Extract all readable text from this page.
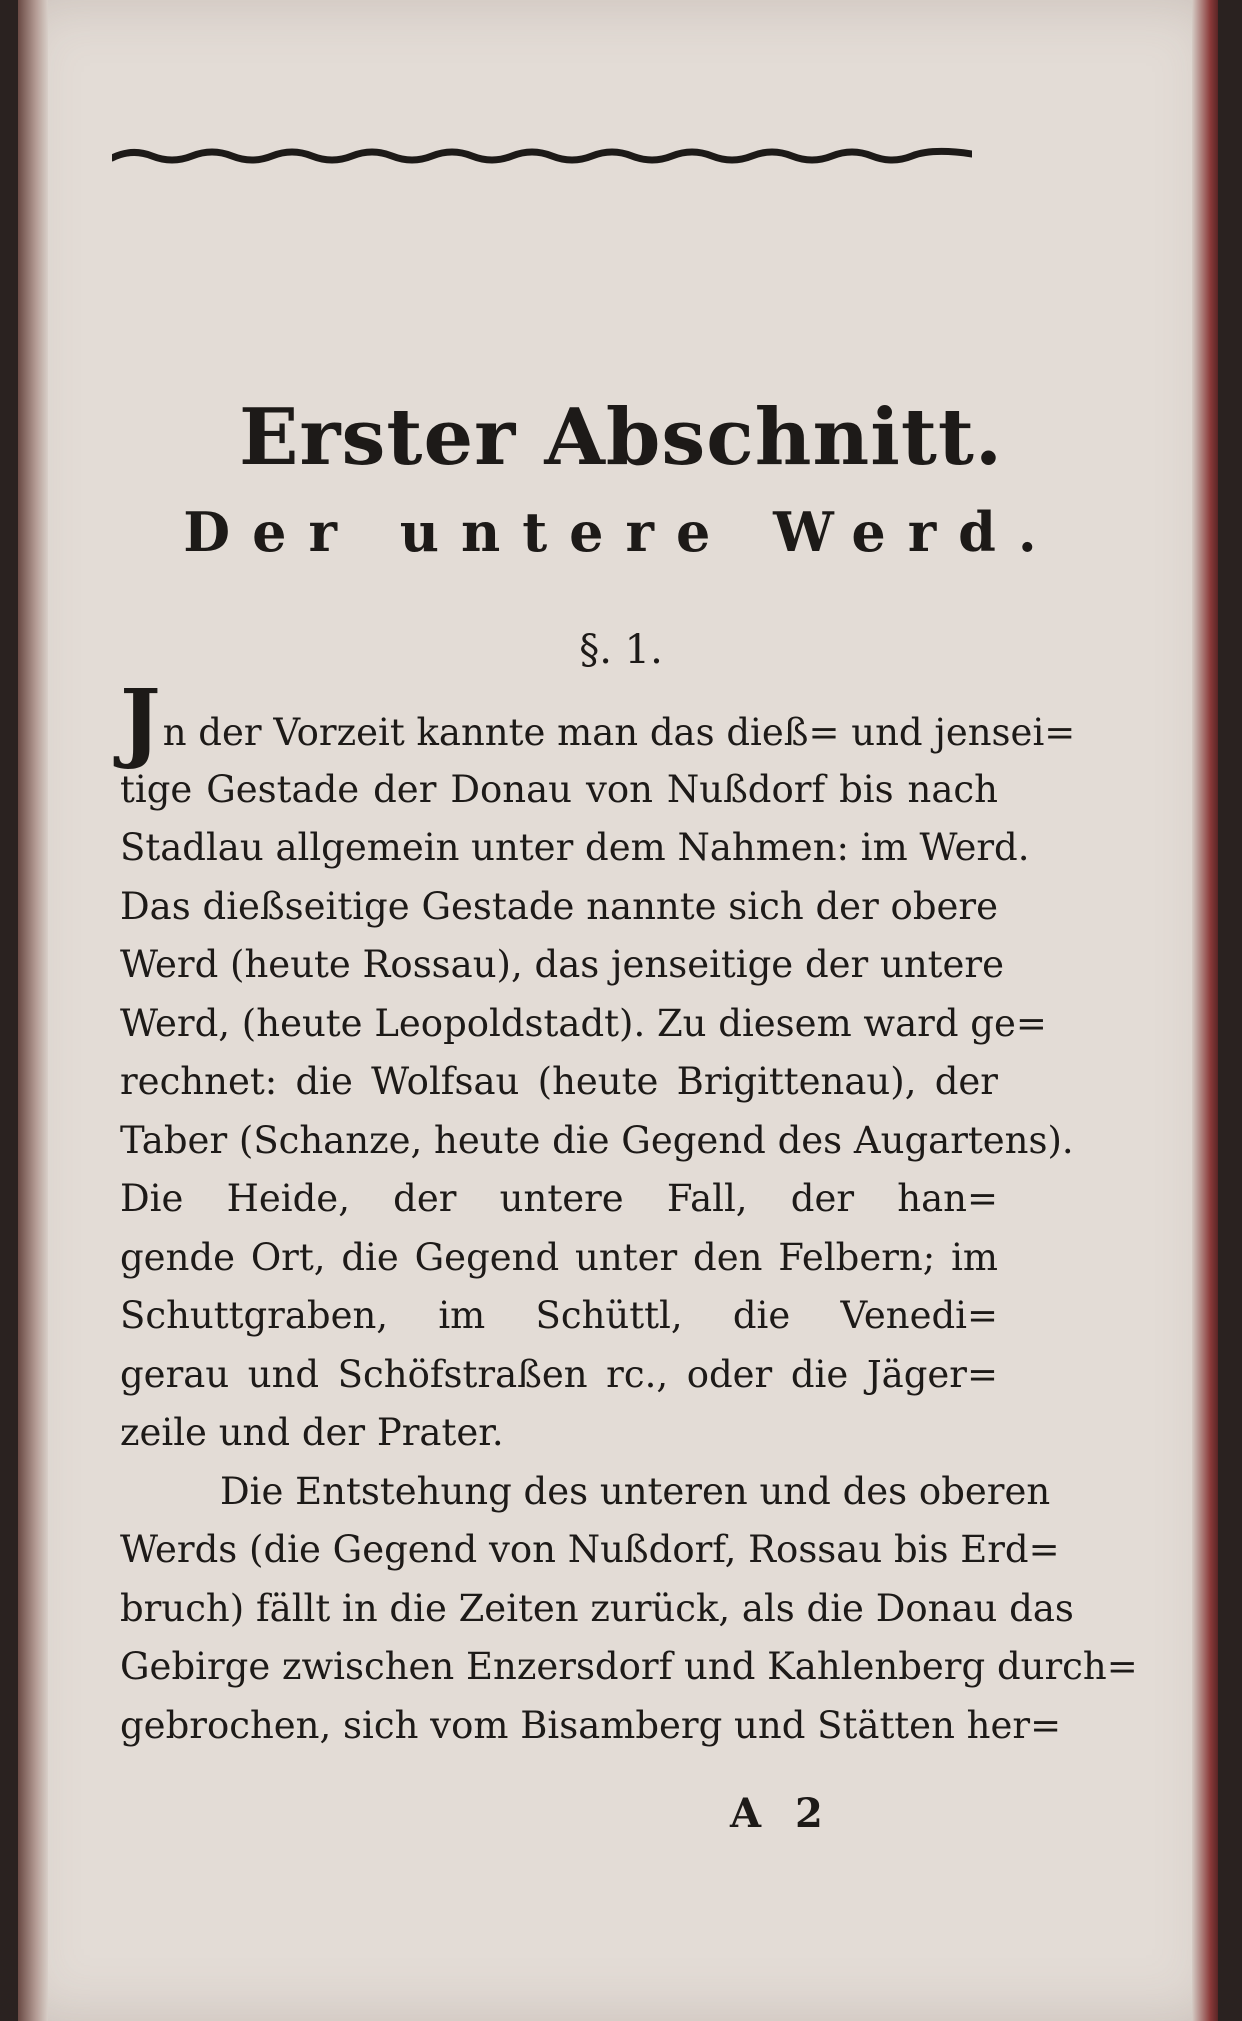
Erster Abschnitt.
Der untere Werd.
§. 1.
Jn der Vorzeit kannte man das dieß= und jensei=
tige Gestade der Donau von Nußdorf bis nach
Stadlau allgemein unter dem Nahmen: im Werd.
Das dießseitige Gestade nannte sich der obere
Werd (heute Rossau), das jenseitige der untere
Werd, (heute Leopoldstadt). Zu diesem ward ge=
rechnet: die Wolfsau (heute Brigittenau), der
Taber (Schanze, heute die Gegend des Augartens).
Die Heide, der untere Fall, der han=
gende Ort, die Gegend unter den Felbern; im
Schuttgraben, im Schüttl, die Venedi=
gerau und Schöfstraßen rc., oder die Jäger=
zeile und der Prater.
Die Entstehung des unteren und des oberen
Werds (die Gegend von Nußdorf, Rossau bis Erd=
bruch) fällt in die Zeiten zurück, als die Donau das
Gebirge zwischen Enzersdorf und Kahlenberg durch=
gebrochen, sich vom Bisamberg und Stätten her=
A 2
